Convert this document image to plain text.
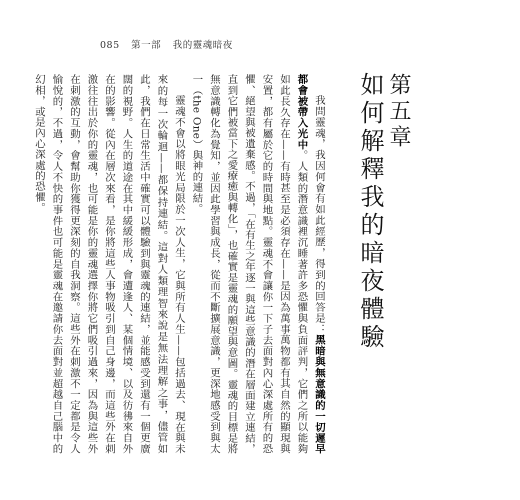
085 第一部 我的靈魂暗夜
第五章
如何解釋我的暗夜體驗

我問靈魂，我因何會有如此經歷，得到的回答是：黑暗與無意識的一切遲早都會被帶入光中。人類的潛意識裡沉睡著許多恐懼與負面評判，它們之所以能夠如此長久存在——有時甚至是必須存在——是因為萬事萬物都有其自然的顯現與安置，都有屬於它的時間與地點。靈魂不會讓你一下子去面對內心深處所有的恐懼、絕望與被遺棄感。不過，「在有生之年逐一與這些意識的潛在層面建立連結，直到它們被當下之愛療癒與轉化」，也確實是靈魂的願望與意圖。靈魂的目標是將無意識轉化為覺知，並因此學習與成長，從而不斷擴展意識，更深地感受到與太一（the One）與神的連結。

靈魂不會以將眼光局限於一次人生，它與所有人生——包括過去、現在與未來的每一次輪迴——都保持連結。這對人類理智來說是無法理解之事，儘管如此，我們在日常生活中確實可以體驗到與靈魂的連結，並能感受到還有一個更廣闊的視野。人生的道途在其中緩緩形成，會遭逢人、某個情境、以及彷彿來自外在的影響。從內在層次來看，是你將這些人事物吸引到自己身邊，而這些外在刺激往往出於你的靈魂，也可能是你的靈魂選擇你將它們吸引過來，因為與這些外在刺激的互動，會幫助你獲得更深刻的自我洞察。這些外在刺激不一定都是令人愉悅的，不過，令人不快的事件也可能是靈魂在邀請你去面對並超越自己腦中的幻相，或是內心深處的恐懼。
